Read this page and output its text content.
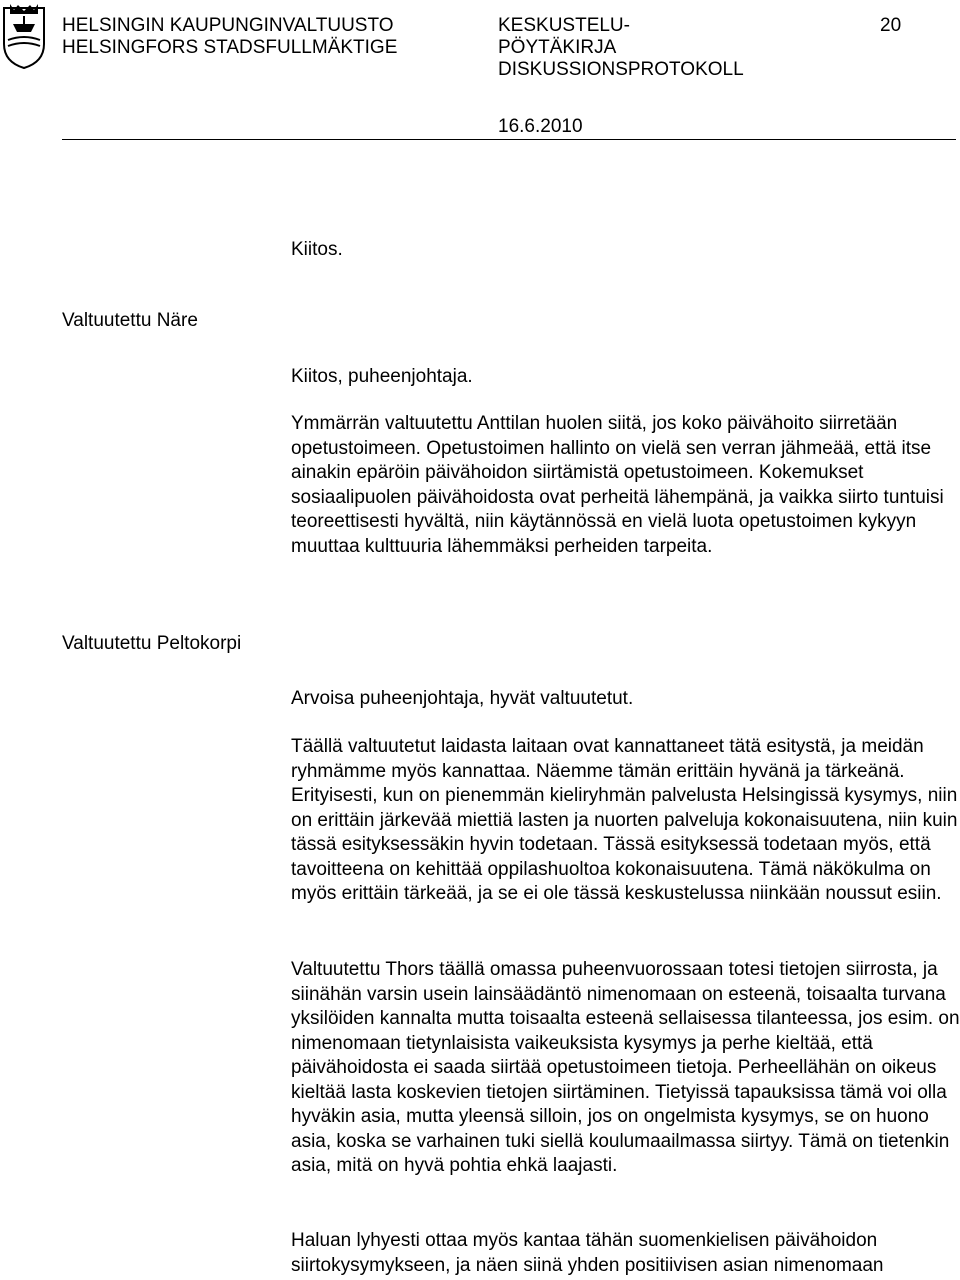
HELSINGIN KAUPUNGINVALTUUSTO
HELSINGFORS STADSFULLMÄKTIGE
KESKUSTELU-
PÖYTÄKIRJA
DISKUSSIONSPROTOKOLL
20
16.6.2010

Kiitos.

Valtuutettu Näre

Kiitos, puheenjohtaja.

Ymmärrän valtuutettu Anttilan huolen siitä, jos koko päivähoito siirretään opetustoimeen. Opetustoimen hallinto on vielä sen verran jähmeää, että itse ainakin epäröin päivähoidon siirtämistä opetustoimeen. Kokemukset sosiaalipuolen päivähoidosta ovat perheitä lähempänä, ja vaikka siirto tuntuisi teoreettisesti hyvältä, niin käytännössä en vielä luota opetustoimen kykyyn muuttaa kulttuuria lähemmäksi perheiden tarpeita.

Valtuutettu Peltokorpi

Arvoisa puheenjohtaja, hyvät valtuutetut.

Täällä valtuutetut laidasta laitaan ovat kannattaneet tätä esitystä, ja meidän ryhmämme myös kannattaa. Näemme tämän erittäin hyvänä ja tärkeänä. Erityisesti, kun on pienemmän kieliryhmän palvelusta Helsingissä kysymys, niin on erittäin järkevää miettiä lasten ja nuorten palveluja kokonaisuutena, niin kuin tässä esityksessäkin hyvin todetaan. Tässä esityksessä todetaan myös, että tavoitteena on kehittää oppilashuoltoa kokonaisuutena. Tämä näkökulma on myös erittäin tärkeää, ja se ei ole tässä keskustelussa niinkään noussut esiin.

Valtuutettu Thors täällä omassa puheenvuorossaan totesi tietojen siirrosta, ja siinähän varsin usein lainsäädäntö nimenomaan on esteenä, toisaalta turvana yksilöiden kannalta mutta toisaalta esteenä sellaisessa tilanteessa, jos esim. on nimenomaan tietynlaisista vaikeuksista kysymys ja perhe kieltää, että päivähoidosta ei saada siirtää opetustoimeen tietoja. Perheellähän on oikeus kieltää lasta koskevien tietojen siirtäminen. Tietyissä tapauksissa tämä voi olla hyväkin asia, mutta yleensä silloin, jos on ongelmista kysymys, se on huono asia, koska se varhainen tuki siellä koulumaailmassa siirtyy. Tämä on tietenkin asia, mitä on hyvä pohtia ehkä laajasti.

Haluan lyhyesti ottaa myös kantaa tähän suomenkielisen päivähoidon siirtokysymykseen, ja näen siinä yhden positiivisen asian nimenomaan
